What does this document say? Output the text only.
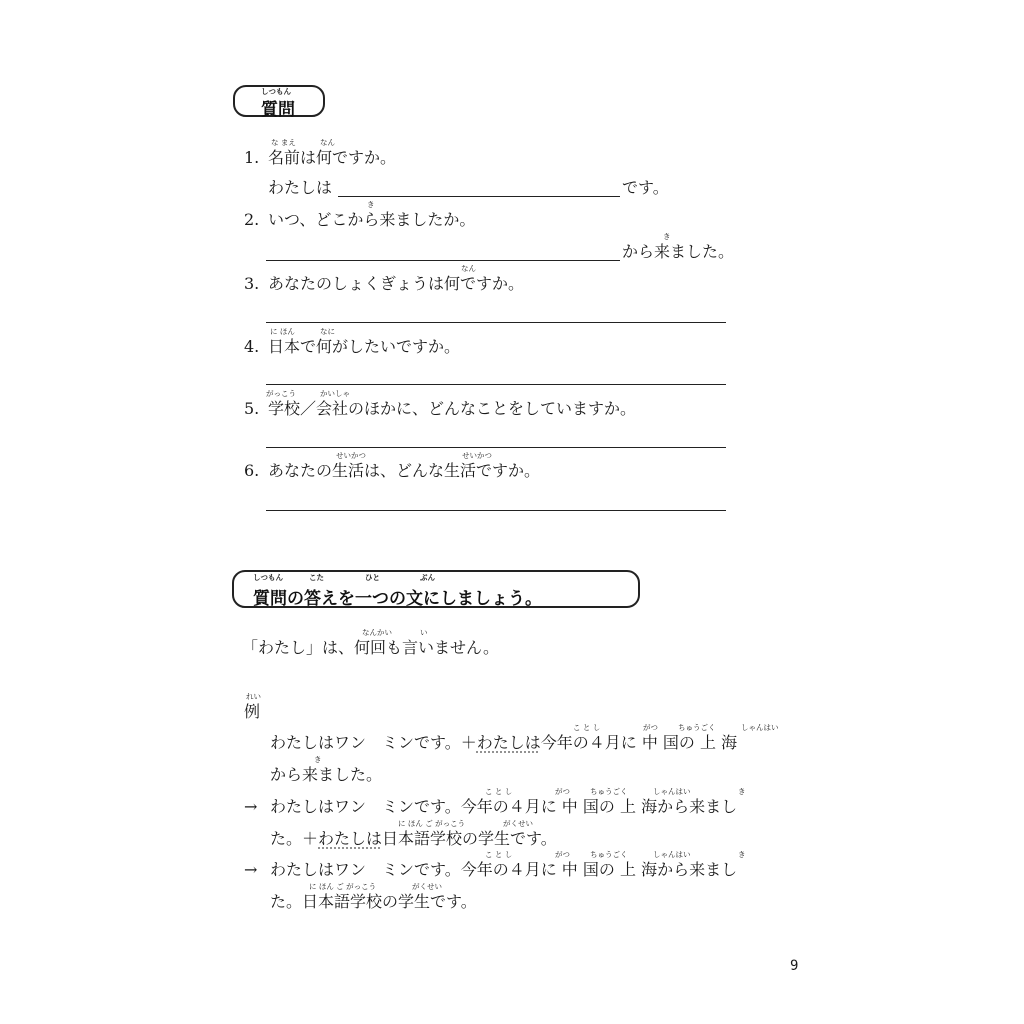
しつもん
質問
な まえ	なん
1. 名前は何ですか。
わたしは	です。
き
2. いつ、どこから来ましたか。
き
から来ました。
なん
3. あなたのしょくぎょうは何ですか。
に ほん	なに
4. 日本で何がしたいですか。
がっこう	かいしゃ
5. 学校／会社のほかに、どんなことをしていますか。
せいかつ	せいかつ
6. あなたの生活は、どんな生活ですか。
しつもん	こた	ひと	ぶん
質問の答えを一つの文にしましょう。
なんかい	い
「わたし」は、何回も言いません。
れい
例
こ と し	がつ	ちゅうごく	しゃんはい
わたしはワン　ミンです。＋わたしは今年の４月に 中 国の 上 海
き
から来ました。
こ と し	がつ	ちゅうごく	しゃんはい	き
→ わたしはワン　ミンです。今年の４月に 中 国の 上 海から来まし
に ほん ご がっこう	がくせい
た。＋わたしは日本語学校の学生です。
こ と し	がつ	ちゅうごく	しゃんはい	き
→ わたしはワン　ミンです。今年の４月に 中 国の 上 海から来まし
に ほん ご がっこう	がくせい
た。日本語学校の学生です。
9
